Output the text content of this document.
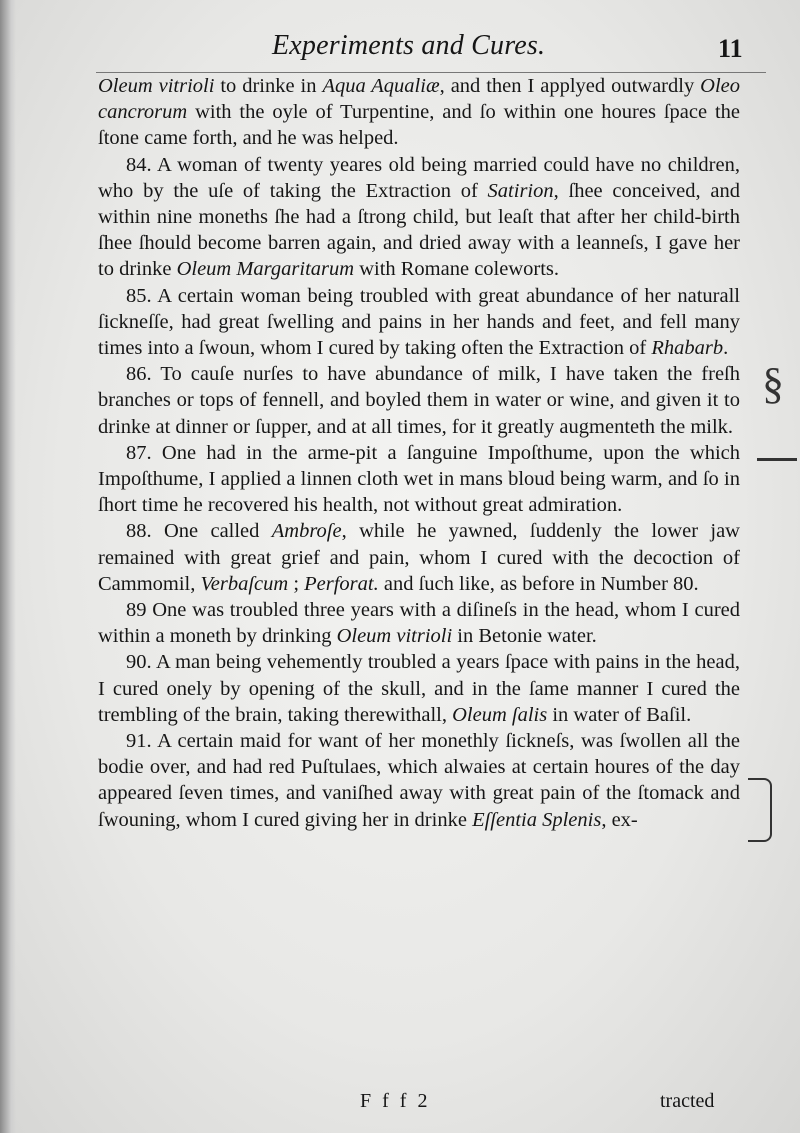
Experiments and Cures.	11

Oleum vitrioli to drinke in Aqua Aqualiæ, and then I applyed outwardly Oleo cancrorum with the oyle of Turpentine, and ſo within one houres ſpace the ſtone came forth, and he was helped.

84. A woman of twenty yeares old being married could have no children, who by the uſe of taking the Extraction of Satirion, ſhee conceived, and within nine moneths ſhe had a ſtrong child, but leaſt that after her child-birth ſhee ſhould become barren again, and dried away with a leanneſs, I gave her to drinke Oleum Margaritarum with Romane coleworts.

85. A certain woman being troubled with great abundance of her naturall ſickneſſe, had great ſwelling and pains in her hands and feet, and fell many times into a ſwoun, whom I cured by taking often the Extraction of Rhabarb.

86. To cauſe nurſes to have abundance of milk, I have taken the freſh branches or tops of fennell, and boyled them in water or wine, and given it to drinke at dinner or ſupper, and at all times, for it greatly augmenteth the milk.

87. One had in the arme-pit a ſanguine Impoſthume, upon the which Impoſthume, I applied a linnen cloth wet in mans bloud being warm, and ſo in ſhort time he recovered his health, not without great admiration.

88. One called Ambroſe, while he yawned, ſuddenly the lower jaw remained with great grief and pain, whom I cured with the decoction of Cammomil, Verbaſcum ; Perforat. and ſuch like, as before in Number 80.

89 One was troubled three years with a diſineſs in the head, whom I cured within a moneth by drinking Oleum vitrioli in Betonie water.

90. A man being vehemently troubled a years ſpace with pains in the head, I cured onely by opening of the skull, and in the ſame manner I cured the trembling of the brain, taking therewithall, Oleum ſalis in water of Baſil.

91. A certain maid for want of her monethly ſickneſs, was ſwollen all the bodie over, and had red Puſtulaes, which alwaies at certain houres of the day appeared ſeven times, and vaniſhed away with great pain of the ſtomack and ſwouning, whom I cured giving her in drinke Eſſentia Splenis, ex-

§
F f f 2	tracted
